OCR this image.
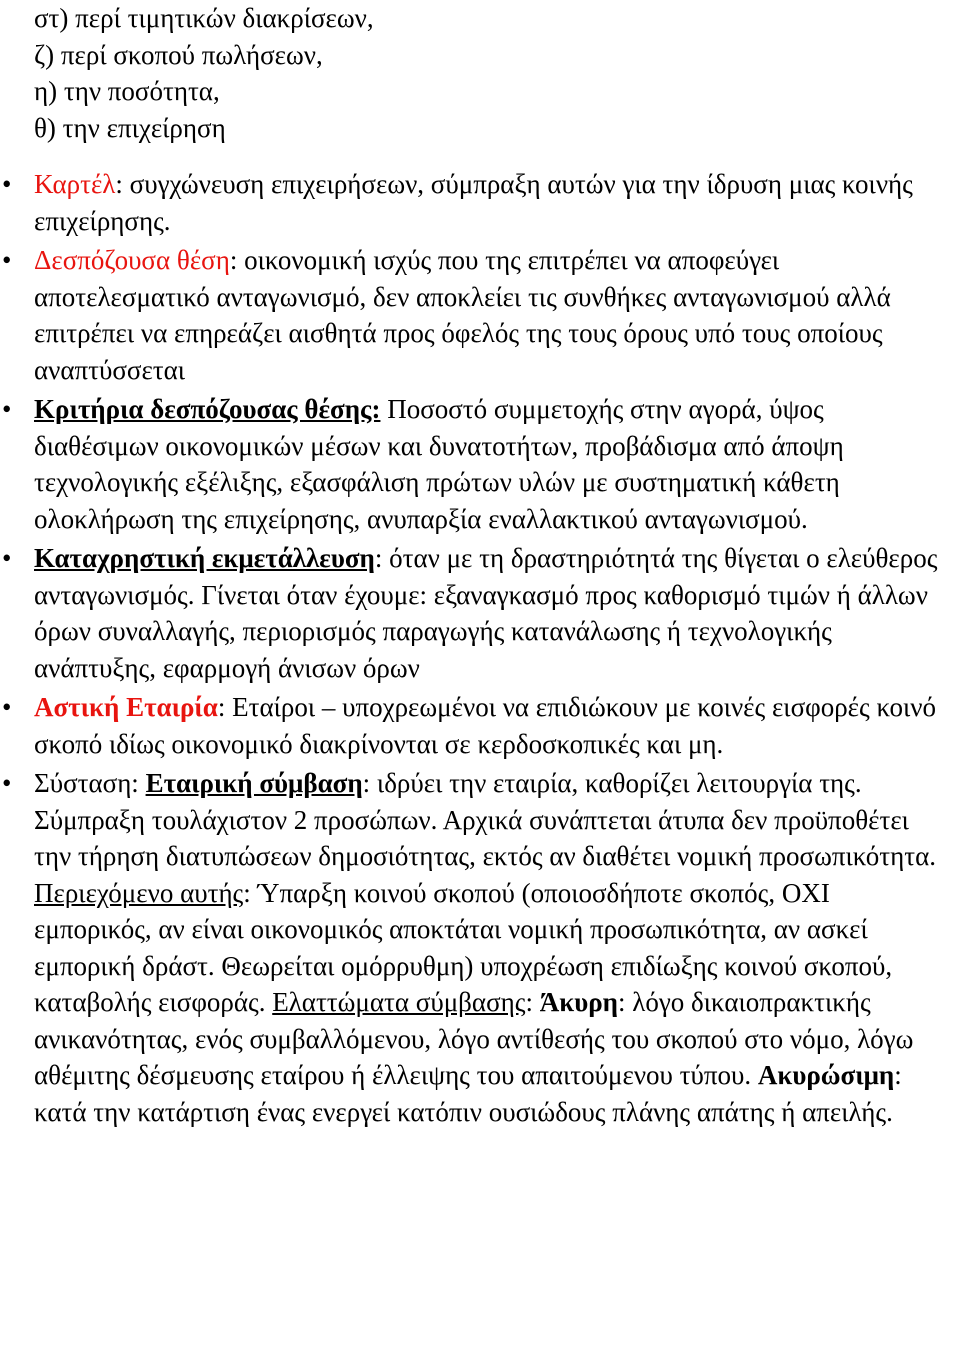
στ) περί τιμητικών διακρίσεων,
ζ) περί σκοπού πωλήσεων,
η) την ποσότητα,
θ) την επιχείρηση
• Καρτέλ: συγχώνευση επιχειρήσεων, σύμπραξη αυτών για την ίδρυση μιας κοινής επιχείρησης.
• Δεσπόζουσα θέση: οικονομική ισχύς που της επιτρέπει να αποφεύγει αποτελεσματικό ανταγωνισμό, δεν αποκλείει τις συνθήκες ανταγωνισμού αλλά επιτρέπει να επηρεάζει αισθητά προς όφελός της τους όρους υπό τους οποίους αναπτύσσεται
• Κριτήρια δεσπόζουσας θέσης: Ποσοστό συμμετοχής στην αγορά, ύψος διαθέσιμων οικονομικών μέσων και δυνατοτήτων, προβάδισμα από άποψη τεχνολογικής εξέλιξης, εξασφάλιση πρώτων υλών με συστηματική κάθετη ολοκλήρωση της επιχείρησης, ανυπαρξία εναλλακτικού ανταγωνισμού.
• Καταχρηστική εκμετάλλευση: όταν με τη δραστηριότητά της θίγεται ο ελεύθερος ανταγωνισμός. Γίνεται όταν έχουμε: εξαναγκασμό προς καθορισμό τιμών ή άλλων όρων συναλλαγής, περιορισμός παραγωγής κατανάλωσης ή τεχνολογικής ανάπτυξης, εφαρμογή άνισων όρων
• Αστική Εταιρία: Εταίροι – υποχρεωμένοι να επιδιώκουν με κοινές εισφορές κοινό σκοπό ιδίως οικονομικό διακρίνονται σε κερδοσκοπικές και μη.
• Σύσταση: Εταιρική σύμβαση: ιδρύει την εταιρία, καθορίζει λειτουργία της. Σύμπραξη τουλάχιστον 2 προσώπων. Αρχικά συνάπτεται άτυπα δεν προϋποθέτει την τήρηση διατυπώσεων δημοσιότητας, εκτός αν διαθέτει νομική προσωπικότητα. Περιεχόμενο αυτής: Ύπαρξη κοινού σκοπού (οποιοσδήποτε σκοπός, ΟΧΙ εμπορικός, αν είναι οικονομικός αποκτάται νομική προσωπικότητα, αν ασκεί εμπορική δράστ. Θεωρείται ομόρρυθμη) υποχρέωση επιδίωξης κοινού σκοπού, καταβολής εισφοράς. Ελαττώματα σύμβασης: Άκυρη: λόγο δικαιοπρακτικής ανικανότητας, ενός συμβαλλόμενου, λόγο αντίθεσής του σκοπού στο νόμο, λόγω αθέμιτης δέσμευσης εταίρου ή έλλειψης του απαιτούμενου τύπου. Ακυρώσιμη: κατά την κατάρτιση ένας ενεργεί κατόπιν ουσιώδους πλάνης απάτης ή απειλής.
